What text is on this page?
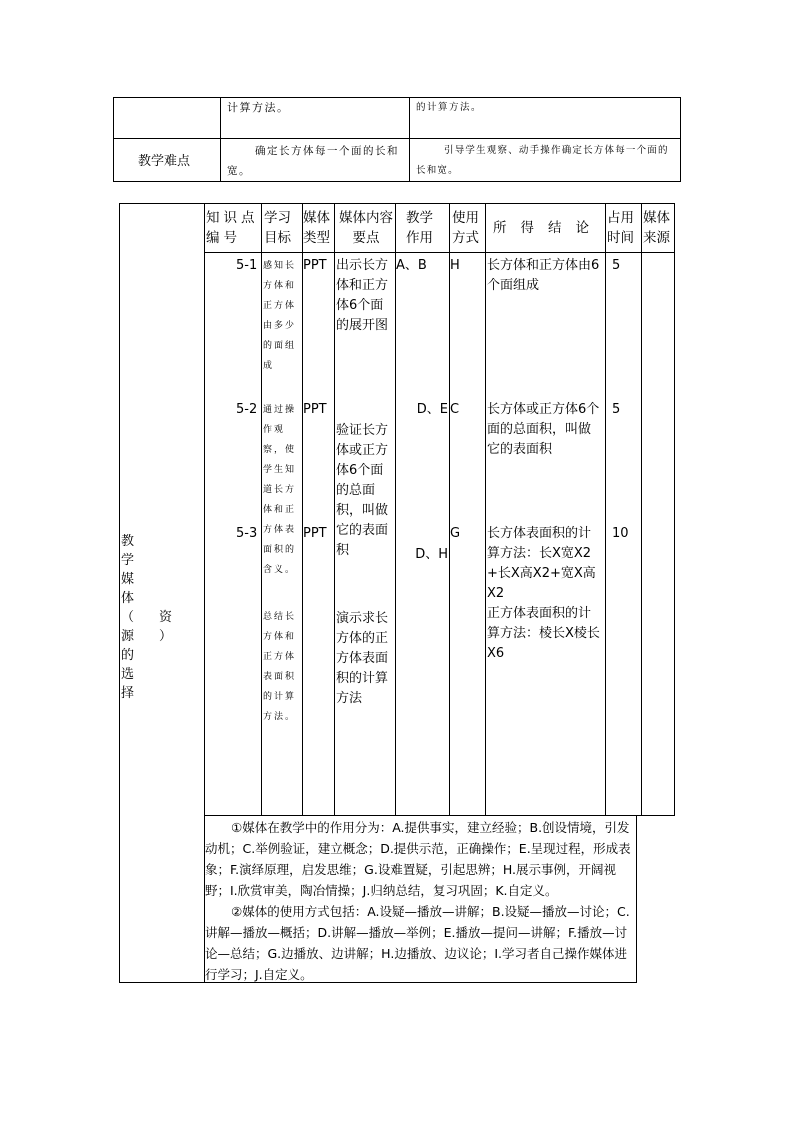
计算方法。	的计算方法。
教学难点
确定长方体每一个面的长和宽。
引导学生观察、动手操作确定长方体每一个面的长和宽。
教学媒体（资源）的选择
知识点编号
学习目标
媒体类型
媒体内容要点
教学作用
使用方式
所得结论
占用时间
媒体来源
5-1 感知长方体和正方体由多少的面组成
PPT 出示长方体和正方体6个面的展开图
A、B H 长方体和正方体由6个面组成
5
5-2 通过操作观察，使学生知道长方体和正方体表面积的含义。
PPT
验证长方体或正方体6个面的总面积，叫做它的表面积
D、E C 长方体或正方体6个面的总面积，叫做它的表面积
5
5-3
总结长方体和正方体表面积的计算方法。
PPT
演示求长方体的正方体表面积的计算方法
D、H
G 长方体表面积的计算方法：长X宽X2+长X高X2+宽X高X2
正方体表面积的计算方法：棱长X棱长X6
10
①媒体在教学中的作用分为：A.提供事实，建立经验；B.创设情境，引发动机；C.举例验证，建立概念；D.提供示范，正确操作；E.呈现过程，形成表象；F.演绎原理，启发思维；G.设难置疑，引起思辨；H.展示事例，开阔视野；I.欣赏审美，陶冶情操；J.归纳总结，复习巩固；K.自定义。
②媒体的使用方式包括：A.设疑—播放—讲解；B.设疑—播放—讨论；C.讲解—播放—概括；D.讲解—播放—举例；E.播放—提问—讲解；F.播放—讨论—总结；G.边播放、边讲解；H.边播放、边议论；I.学习者自己操作媒体进行学习；J.自定义。
